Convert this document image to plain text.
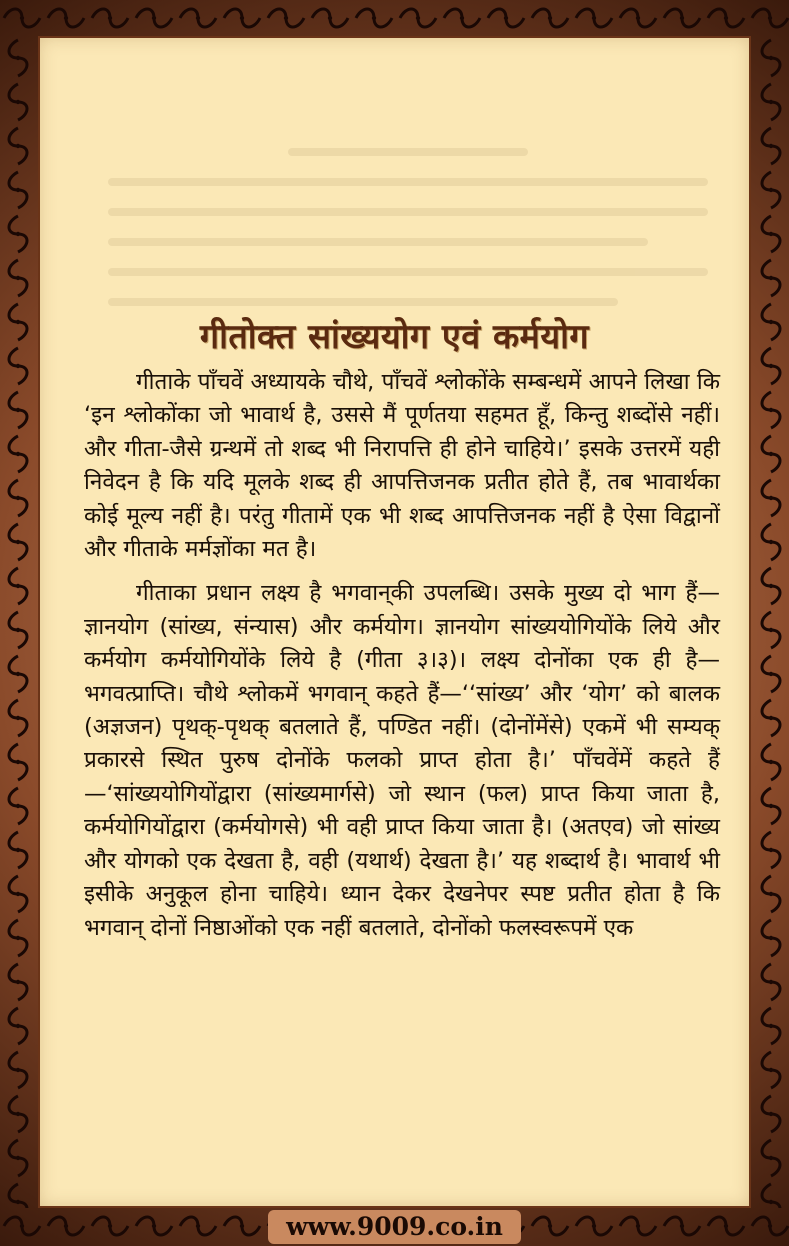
गीतोक्त सांख्ययोग एवं कर्मयोग

गीताके पाँचवें अध्यायके चौथे, पाँचवें श्लोकोंके सम्बन्धमें आपने लिखा कि ‘इन श्लोकोंका जो भावार्थ है, उससे मैं पूर्णतया सहमत हूँ, किन्तु शब्दोंसे नहीं। और गीता-जैसे ग्रन्थमें तो शब्द भी निरापत्ति ही होने चाहिये।’ इसके उत्तरमें यही निवेदन है कि यदि मूलके शब्द ही आपत्तिजनक प्रतीत होते हैं, तब भावार्थका कोई मूल्य नहीं है। परंतु गीतामें एक भी शब्द आपत्तिजनक नहीं है ऐसा विद्वानों और गीताके मर्मज्ञोंका मत है।

गीताका प्रधान लक्ष्य है भगवान्‌की उपलब्धि। उसके मुख्य दो भाग हैं—ज्ञानयोग (सांख्य, संन्यास) और कर्मयोग। ज्ञानयोग सांख्ययोगियोंके लिये और कर्मयोग कर्मयोगियोंके लिये है (गीता ३।३)। लक्ष्य दोनोंका एक ही है—भगवत्प्राप्ति। चौथे श्लोकमें भगवान् कहते हैं—‘‘सांख्य’ और ‘योग’ को बालक (अज्ञजन) पृथक्-पृथक् बतलाते हैं, पण्डित नहीं। (दोनोंमेंसे) एकमें भी सम्यक् प्रकारसे स्थित पुरुष दोनोंके फलको प्राप्त होता है।’ पाँचवेंमें कहते हैं—‘सांख्ययोगियोंद्वारा (सांख्यमार्गसे) जो स्थान (फल) प्राप्त किया जाता है, कर्मयोगियोंद्वारा (कर्मयोगसे) भी वही प्राप्त किया जाता है। (अतएव) जो सांख्य और योगको एक देखता है, वही (यथार्थ) देखता है।’ यह शब्दार्थ है। भावार्थ भी इसीके अनुकूल होना चाहिये। ध्यान देकर देखनेपर स्पष्ट प्रतीत होता है कि भगवान् दोनों निष्ठाओंको एक नहीं बतलाते, दोनोंको फलस्वरूपमें एक

www.9009.co.in
